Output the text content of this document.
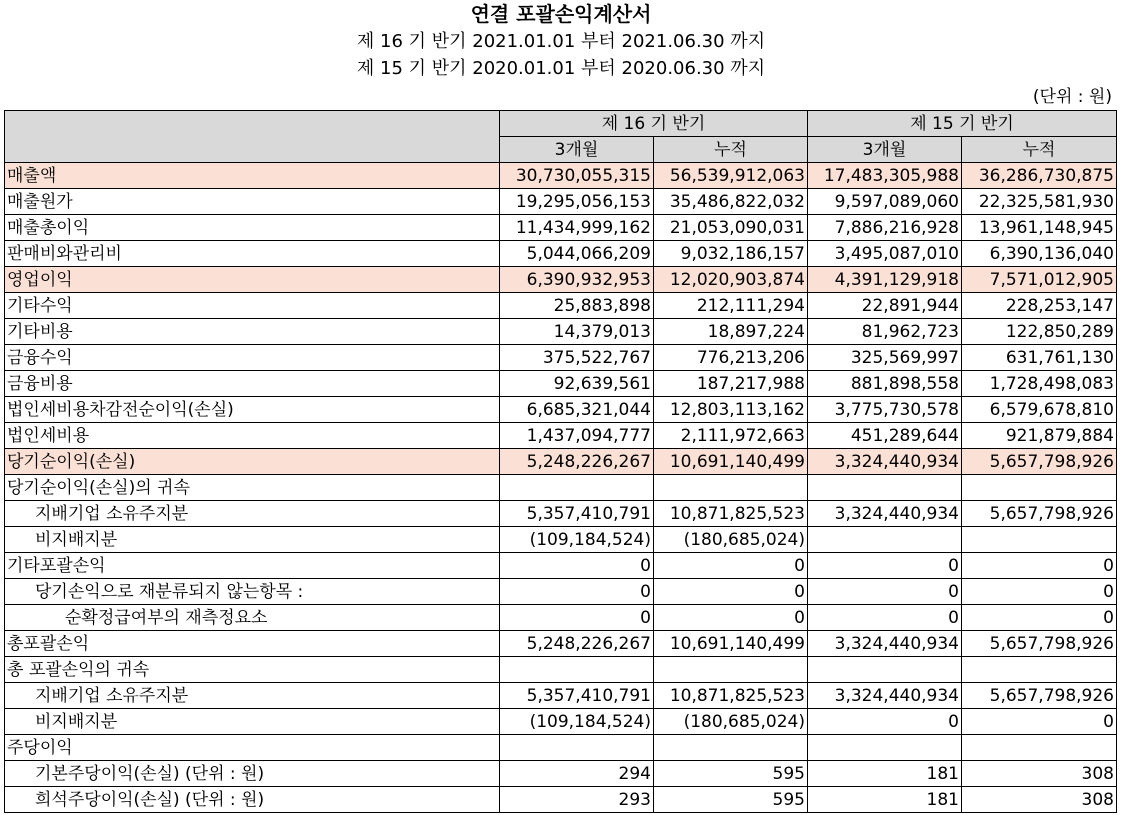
연결 포괄손익계산서
제 16 기 반기 2021.01.01 부터 2021.06.30 까지
제 15 기 반기 2020.01.01 부터 2020.06.30 까지
(단위 : 원)
	제 16 기 반기		제 15 기 반기	
	3개월	누적	3개월	누적
매출액	30,730,055,315	56,539,912,063	17,483,305,988	36,286,730,875
매출원가	19,295,056,153	35,486,822,032	9,597,089,060	22,325,581,930
매출총이익	11,434,999,162	21,053,090,031	7,886,216,928	13,961,148,945
판매비와관리비	5,044,066,209	9,032,186,157	3,495,087,010	6,390,136,040
영업이익	6,390,932,953	12,020,903,874	4,391,129,918	7,571,012,905
기타수익	25,883,898	212,111,294	22,891,944	228,253,147
기타비용	14,379,013	18,897,224	81,962,723	122,850,289
금융수익	375,522,767	776,213,206	325,569,997	631,761,130
금융비용	92,639,561	187,217,988	881,898,558	1,728,498,083
법인세비용차감전순이익(손실)	6,685,321,044	12,803,113,162	3,775,730,578	6,579,678,810
법인세비용	1,437,094,777	2,111,972,663	451,289,644	921,879,884
당기순이익(손실)	5,248,226,267	10,691,140,499	3,324,440,934	5,657,798,926
당기순이익(손실)의 귀속				
지배기업 소유주지분	5,357,410,791	10,871,825,523	3,324,440,934	5,657,798,926
비지배지분	(109,184,524)	(180,685,024)		
기타포괄손익	0	0	0	0
당기손익으로 재분류되지 않는항목 :	0	0	0	0
순확정급여부의 재측정요소	0	0	0	0
총포괄손익	5,248,226,267	10,691,140,499	3,324,440,934	5,657,798,926
총 포괄손익의 귀속				
지배기업 소유주지분	5,357,410,791	10,871,825,523	3,324,440,934	5,657,798,926
비지배지분	(109,184,524)	(180,685,024)	0	0
주당이익				
기본주당이익(손실) (단위 : 원)	294	595	181	308
희석주당이익(손실) (단위 : 원)	293	595	181	308
